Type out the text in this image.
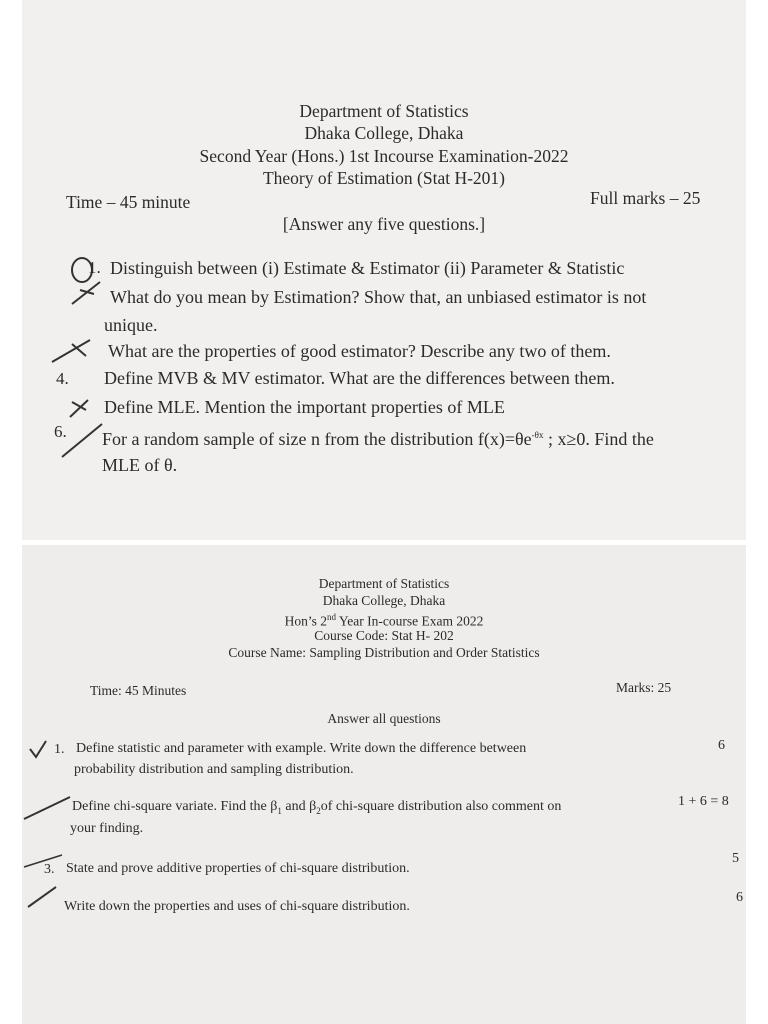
Department of Statistics
Dhaka College, Dhaka
Second Year (Hons.) 1st Incourse Examination-2022
Theory of Estimation (Stat H-201)
Time – 45 minute	Full marks – 25
[Answer any five questions.]
1. Distinguish between (i) Estimate & Estimator (ii) Parameter & Statistic
What do you mean by Estimation? Show that, an unbiased estimator is not
unique.
What are the properties of good estimator? Describe any two of them.
4. Define MVB & MV estimator. What are the differences between them.
Define MLE. Mention the important properties of MLE
6. For a random sample of size n from the distribution $f(x)=\theta e^{-\theta x}$ ; x≥0. Find the
MLE of θ.
Department of Statistics
Dhaka College, Dhaka
Hon’s 2nd Year In-course Exam 2022
Course Code: Stat H- 202
Course Name: Sampling Distribution and Order Statistics
Time: 45 Minutes	Marks: 25
Answer all questions
1. Define statistic and parameter with example. Write down the difference between
probability distribution and sampling distribution.
6
Define chi-square variate. Find the $\beta_1$ and $\beta_2of$ chi-square distribution also comment on
your finding.
1 + 6 = 8
3. State and prove additive properties of chi-square distribution.
5
Write down the properties and uses of chi-square distribution.
6
